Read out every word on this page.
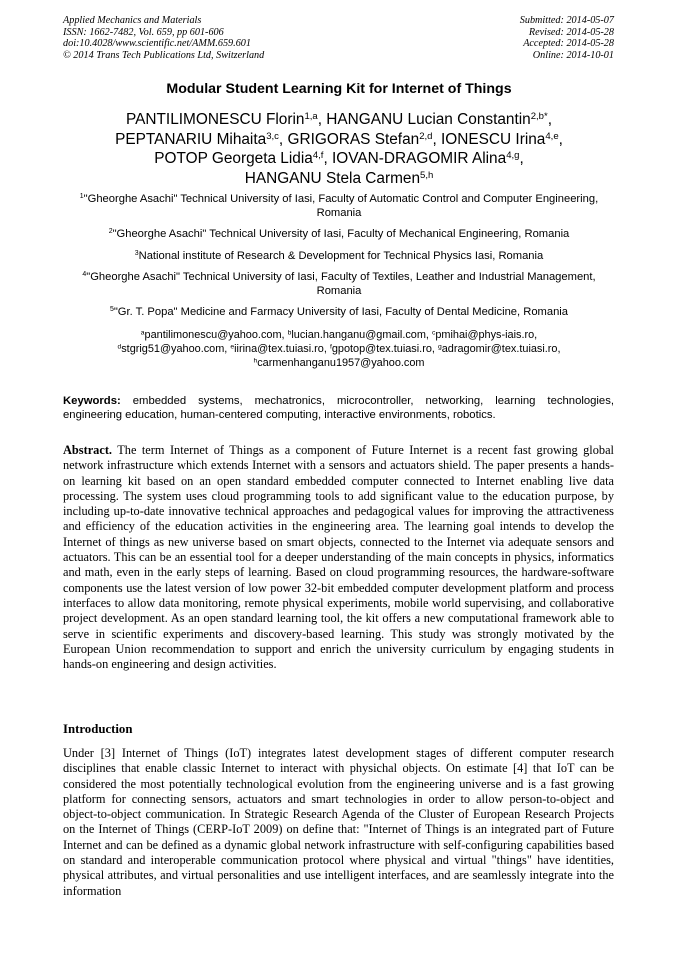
Applied Mechanics and Materials
ISSN: 1662-7482, Vol. 659, pp 601-606
doi:10.4028/www.scientific.net/AMM.659.601
© 2014 Trans Tech Publications Ltd, Switzerland
Submitted: 2014-05-07
Revised: 2014-05-28
Accepted: 2014-05-28
Online: 2014-10-01
Modular Student Learning Kit for Internet of Things
PANTILIMONESCU Florin$^{1,a}$, HANGANU Lucian Constantin$^{2,b*}$,
PEPTANARIU Mihaita$^{3,c}$, GRIGORAS Stefan$^{2,d}$, IONESCU Irina$^{4,e}$,
POTOP Georgeta Lidia$^{4,f}$, IOVAN-DRAGOMIR Alina$^{4,g}$,
HANGANU Stela Carmen$^{5,h}$
$^1$"Gheorghe Asachi" Technical University of Iasi, Faculty of Automatic Control and Computer Engineering, Romania
$^2$"Gheorghe Asachi" Technical University of Iasi, Faculty of Mechanical Engineering, Romania
$^3$National institute of Research & Development for Technical Physics Iasi, Romania
$^4$"Gheorghe Asachi" Technical University of Iasi, Faculty of Textiles, Leather and Industrial Management, Romania
$^5$"Gr. T. Popa" Medicine and Farmacy University of Iasi, Faculty of Dental Medicine, Romania
$^a$pantilimonescu@yahoo.com, $^b$lucian.hanganu@gmail.com, $^c$pmihai@phys-iais.ro,
$^d$stgrig51@yahoo.com, $^e$iirina@tex.tuiasi.ro, $^f$gpotop@tex.tuiasi.ro, $^g$adragomir@tex.tuiasi.ro,
$^h$carmenhanganu1957@yahoo.com
Keywords: embedded systems, mechatronics, microcontroller, networking, learning technologies, engineering education, human-centered computing, interactive environments, robotics.
Abstract. The term Internet of Things as a component of Future Internet is a recent fast growing global network infrastructure which extends Internet with a sensors and actuators shield. The paper presents a hands-on learning kit based on an open standard embedded computer connected to Internet enabling live data processing. The system uses cloud programming tools to add significant value to the education purpose, by including up-to-date innovative technical approaches and pedagogical values for improving the attractiveness and efficiency of the education activities in the engineering area. The learning goal intends to develop the Internet of things as new universe based on smart objects, connected to the Internet via adequate sensors and actuators. This can be an essential tool for a deeper understanding of the main concepts in physics, informatics and math, even in the early steps of learning. Based on cloud programming resources, the hardware-software components use the latest version of low power 32-bit embedded computer development platform and process interfaces to allow data monitoring, remote physical experiments, mobile world supervising, and collaborative project development. As an open standard learning tool, the kit offers a new computational framework able to serve in scientific experiments and discovery-based learning. This study was strongly motivated by the European Union recommendation to support and enrich the university curriculum by engaging students in hands-on engineering and design activities.
Introduction
Under [3] Internet of Things (IoT) integrates latest development stages of different computer research disciplines that enable classic Internet to interact with physichal objects. On estimate [4] that IoT can be considered the most potentially technological evolution from the engineering universe and is a fast growing platform for connecting sensors, actuators and smart technologies in order to allow person-to-object and object-to-object communication. In Strategic Research Agenda of the Cluster of European Research Projects on the Internet of Things (CERP-IoT 2009) on define that: "Internet of Things is an integrated part of Future Internet and can be defined as a dynamic global network infrastructure with self-configuring capabilities based on standard and interoperable communication protocol where physical and virtual "things" have identities, physical attributes, and virtual personalities and use intelligent interfaces, and are seamlessly integrate into the information
